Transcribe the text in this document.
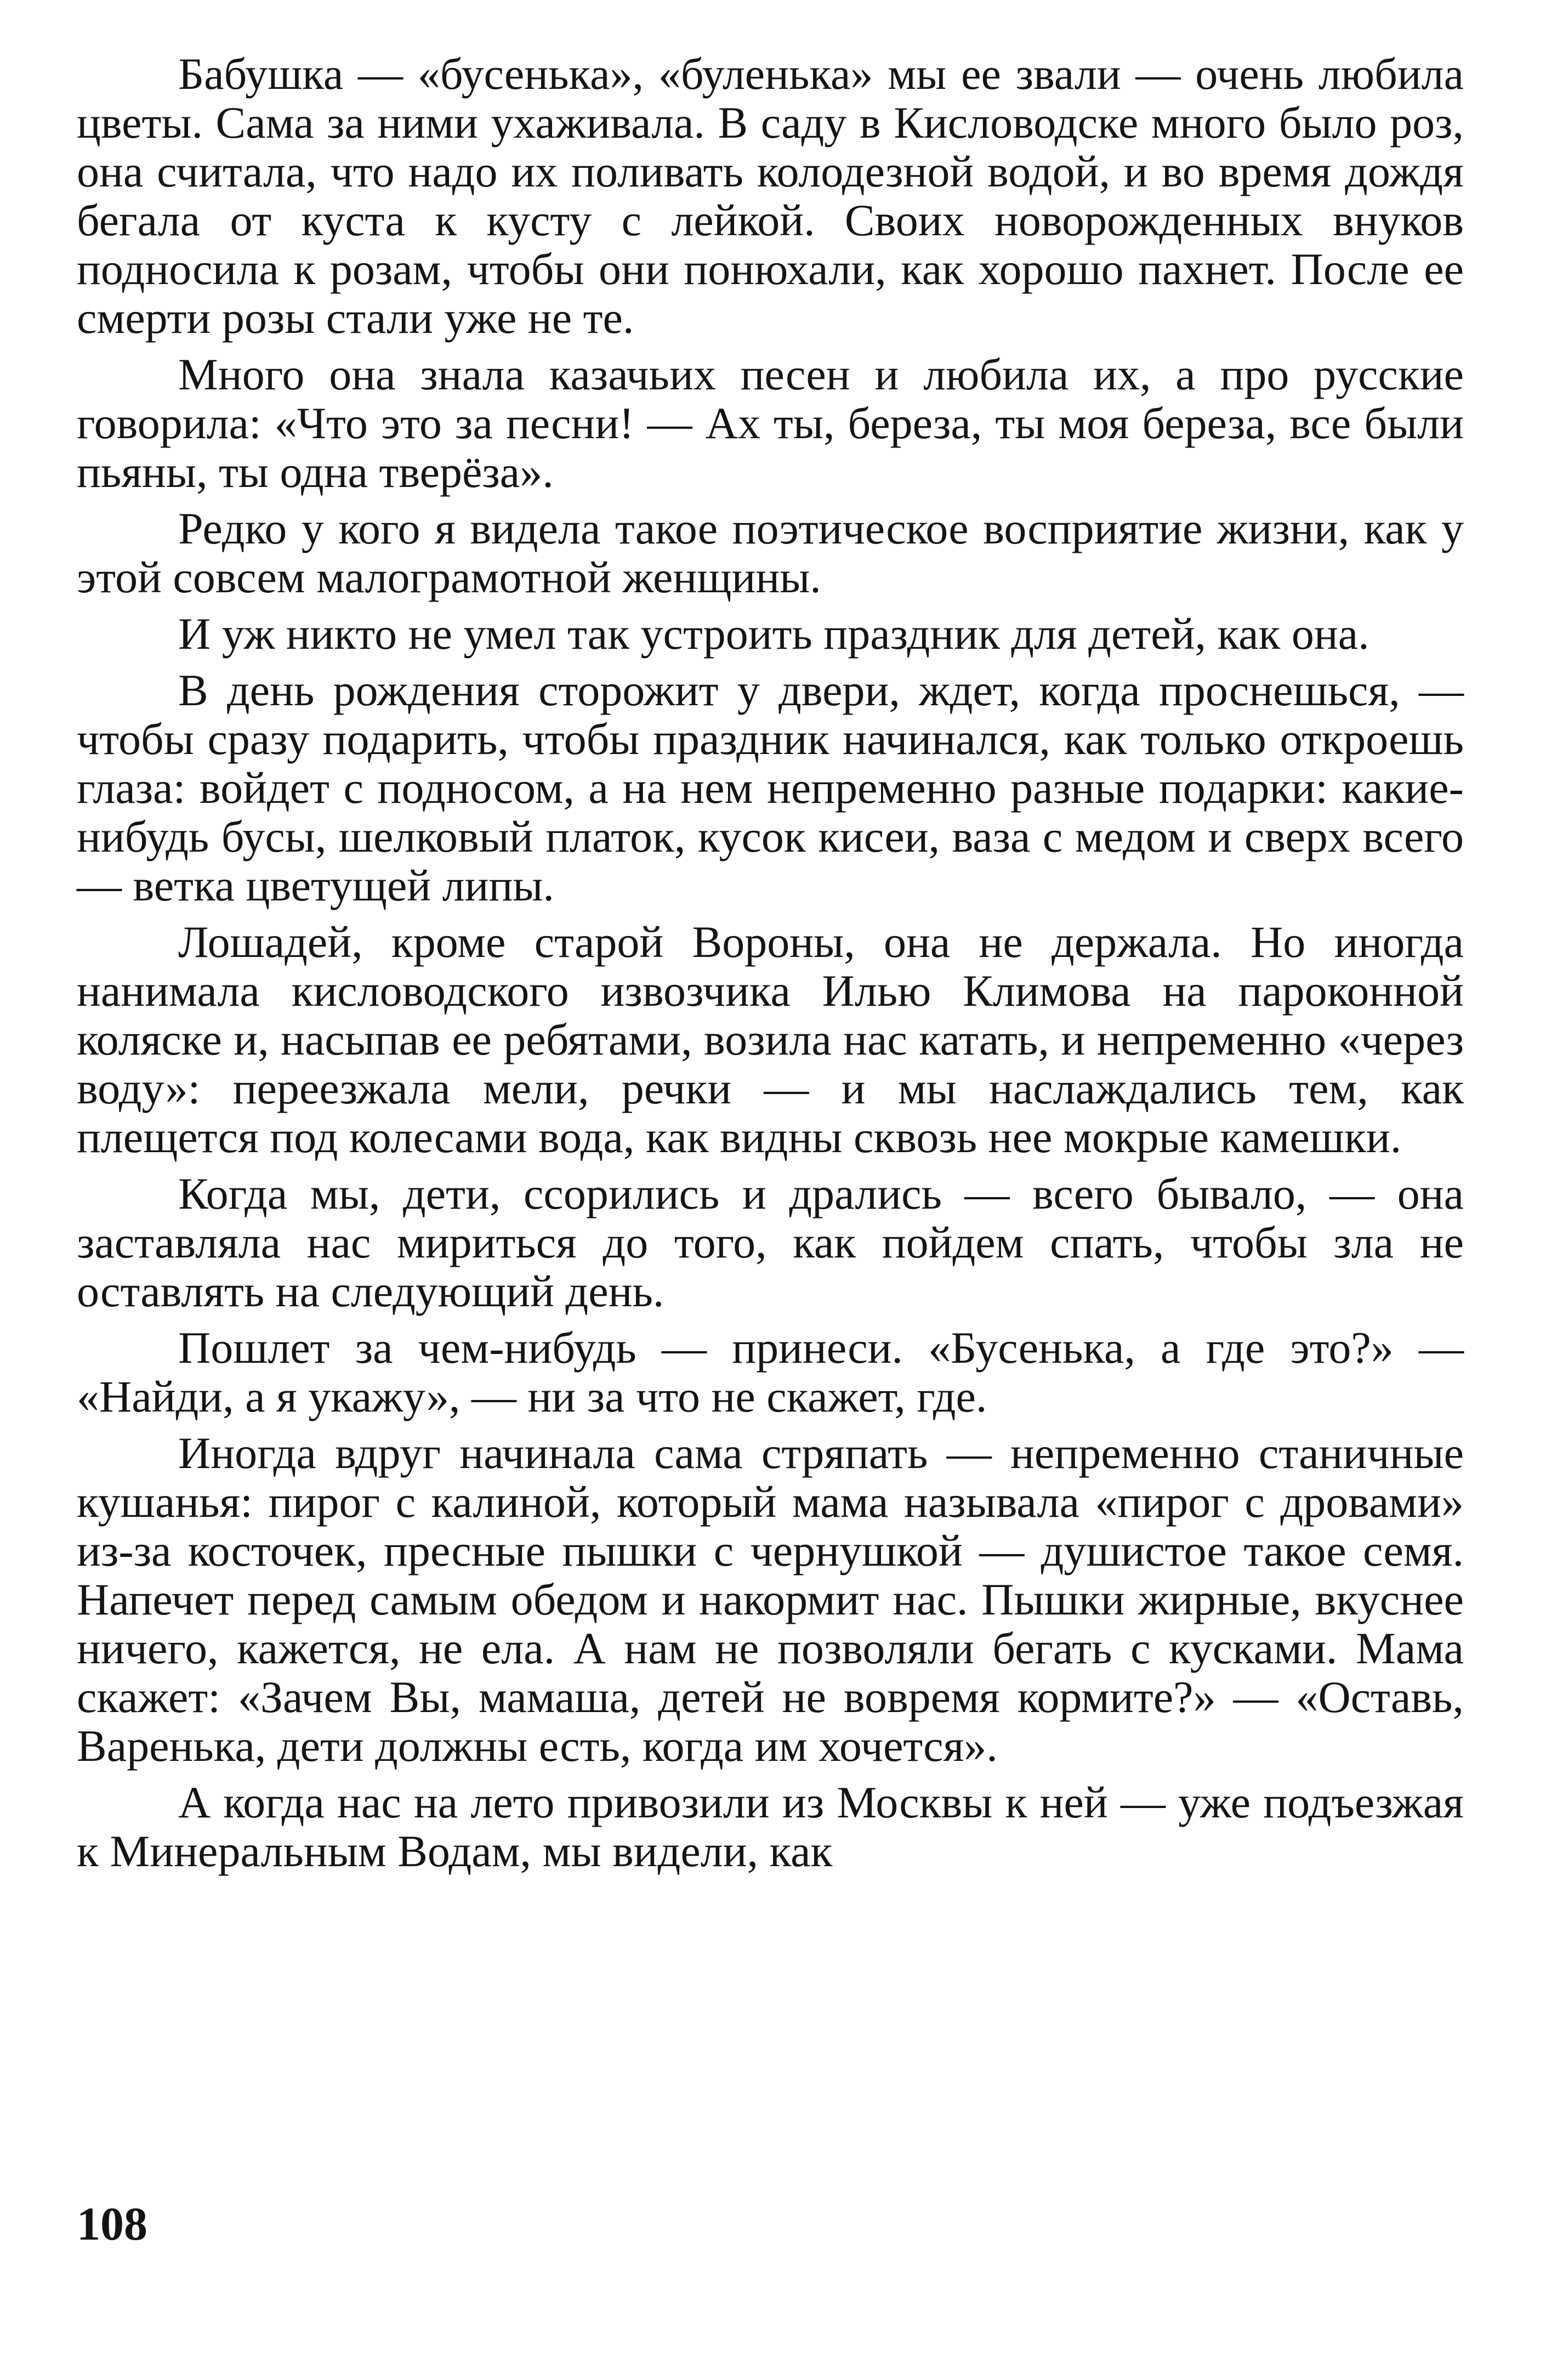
Бабушка — «бусенька», «буленька» мы ее звали — очень любила цветы. Сама за ними ухаживала. В саду в Кисловодске много было роз, она считала, что надо их поливать колодезной водой, и во время дождя бегала от куста к кусту с лейкой. Своих новорожденных внуков подносила к розам, чтобы они понюхали, как хорошо пахнет. После ее смерти розы стали уже не те.

Много она знала казачьих песен и любила их, а про русские говорила: «Что это за песни! — Ах ты, береза, ты моя береза, все были пьяны, ты одна тверёза».

Редко у кого я видела такое поэтическое восприятие жизни, как у этой совсем малограмотной женщины.

И уж никто не умел так устроить праздник для детей, как она.

В день рождения сторожит у двери, ждет, когда проснешься, — чтобы сразу подарить, чтобы праздник начинался, как только откроешь глаза: войдет с подносом, а на нем непременно разные подарки: какие-нибудь бусы, шелковый платок, кусок кисеи, ваза с медом и сверх всего — ветка цветущей липы.

Лошадей, кроме старой Вороны, она не держала. Но иногда нанимала кисловодского извозчика Илью Климова на пароконной коляске и, насыпав ее ребятами, возила нас катать, и непременно «через воду»: переезжала мели, речки — и мы наслаждались тем, как плещется под колесами вода, как видны сквозь нее мокрые камешки.

Когда мы, дети, ссорились и дрались — всего бывало, — она заставляла нас мириться до того, как пойдем спать, чтобы зла не оставлять на следующий день.

Пошлет за чем-нибудь — принеси. «Бусенька, а где это?» — «Найди, а я укажу», — ни за что не скажет, где.

Иногда вдруг начинала сама стряпать — непременно станичные кушанья: пирог с калиной, который мама называла «пирог с дровами» из-за косточек, пресные пышки с чернушкой — душистое такое семя. Напечет перед самым обедом и накормит нас. Пышки жирные, вкуснее ничего, кажется, не ела. А нам не позволяли бегать с кусками. Мама скажет: «Зачем Вы, мамаша, детей не вовремя кормите?» — «Оставь, Варенька, дети должны есть, когда им хочется».

А когда нас на лето привозили из Москвы к ней — уже подъезжая к Минеральным Водам, мы видели, как

108
